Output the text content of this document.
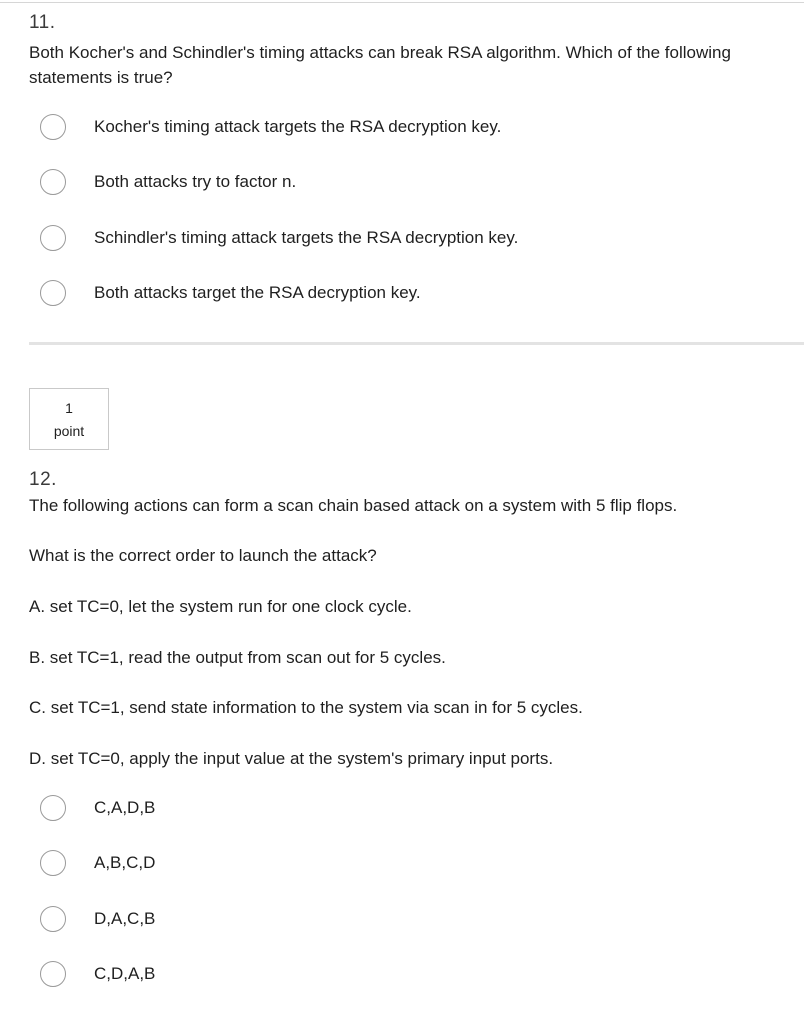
11.
Both Kocher's and Schindler's timing attacks can break RSA algorithm. Which of the following statements is true?
Kocher's timing attack targets the RSA decryption key.
Both attacks try to factor n.
Schindler's timing attack targets the RSA decryption key.
Both attacks target the RSA decryption key.
1
point
12.
The following actions can form a scan chain based attack on a system with 5 flip flops.
What is the correct order to launch the attack?
A. set TC=0, let the system run for one clock cycle.
B. set TC=1, read the output from scan out for 5 cycles.
C. set TC=1, send state information to the system via scan in for 5 cycles.
D. set TC=0, apply the input value at the system's primary input ports.
C,A,D,B
A,B,C,D
D,A,C,B
C,D,A,B
